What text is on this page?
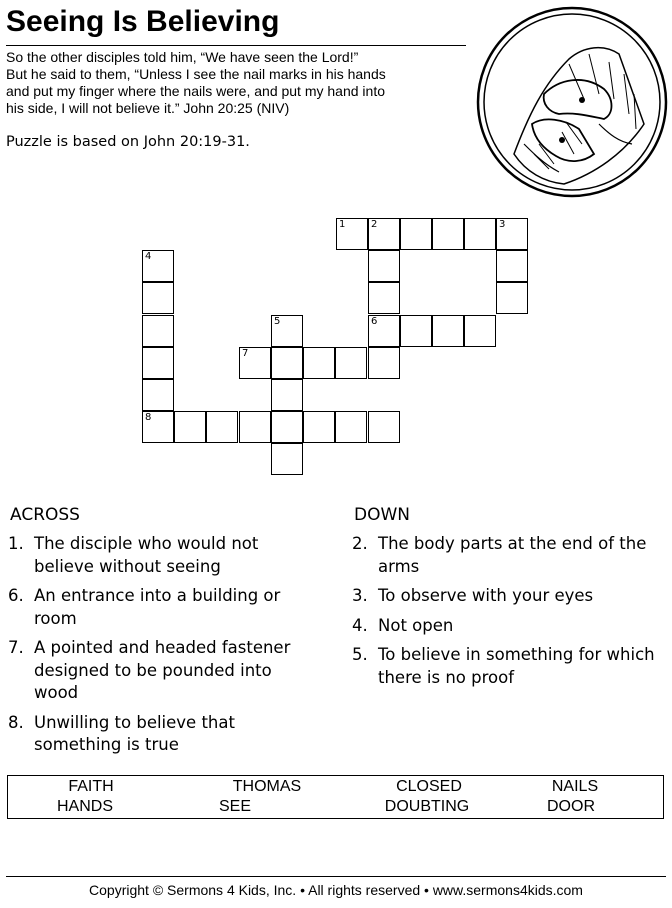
Seeing Is Believing
So the other disciples told him, “We have seen the Lord!”
But he said to them, “Unless I see the nail marks in his hands
and put my finger where the nails were, and put my hand into
his side, I will not believe it.” John 20:25 (NIV)
Puzzle is based on John 20:19-31.
1	2	3
4
5	6
7
8
ACROSS
1. The disciple who would not believe without seeing
6. An entrance into a building or room
7. A pointed and headed fastener designed to be pounded into wood
8. Unwilling to believe that something is true
DOWN
2. The body parts at the end of the arms
3. To observe with your eyes
4. Not open
5. To believe in something for which there is no proof
FAITH	THOMAS	CLOSED	NAILS
HANDS	SEE	DOUBTING	DOOR
Copyright © Sermons 4 Kids, Inc. • All rights reserved • www.sermons4kids.com
